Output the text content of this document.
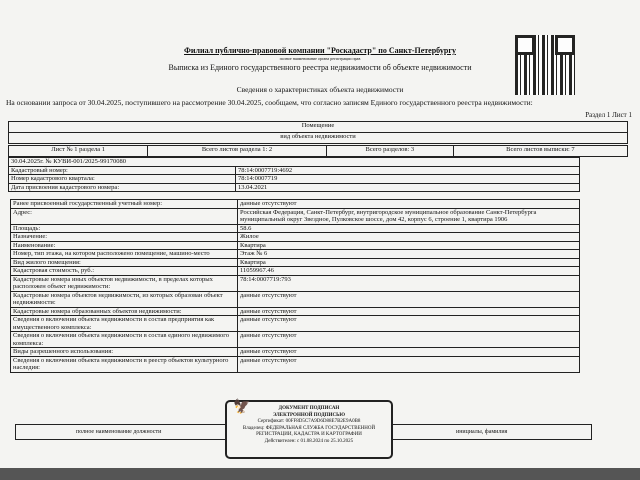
Филиал публично-правовой компании "Роскадастр" по Санкт-Петербургу
полное наименование органа регистрации прав
Выписка из Единого государственного реестра недвижимости об объекте недвижимости
Сведения о характеристиках объекта недвижимости
На основании запроса от 30.04.2025, поступившего на рассмотрение 30.04.2025, сообщаем, что согласно записям Единого государственного реестра недвижимости:
Раздел 1 Лист 1
Помещение
вид объекта недвижимости
Лист № 1 раздела 1	Всего листов раздела 1: 2	Всего разделов: 3	Всего листов выписки: 7
30.04.2025г. № КУВИ-001/2025-99170080	
Кадастровый номер:	78:14:0007719:4692
Номер кадастрового квартала:	78:14:0007719
Дата присвоения кадастрового номера:	13.04.2021
Ранее присвоенный государственный учетный номер:	данные отсутствуют
Адрес:	Российская Федерация, Санкт-Петербург, внутригородское муниципальное образование Санкт-Петербурга муниципальный округ Звездное, Пулковское шоссе, дом 42, корпус 6, строение 1, квартира 1906
Площадь:	58.6
Назначение:	Жилое
Наименование:	Квартира
Номер, тип этажа, на котором расположено помещение, машино-место	Этаж № 6
Вид жилого помещения:	Квартира
Кадастровая стоимость, руб.:	11059967.46
Кадастровые номера иных объектов недвижимости, в пределах которых расположен объект недвижимости:	78:14:0007719:793
Кадастровые номера объектов недвижимости, из которых образован объект недвижимости:	данные отсутствуют
Кадастровые номера образованных объектов недвижимости:	данные отсутствуют
Сведения о включении объекта недвижимости в состав предприятия как имущественного комплекса:	данные отсутствуют
Сведения о включении объекта недвижимости в состав единого недвижимого комплекса:	данные отсутствуют
Виды разрешенного использования:	данные отсутствуют
Сведения о включении объекта недвижимости в реестр объектов культурного наследия:	данные отсутствуют
полное наименование должности	инициалы, фамилия
🦅	ДОКУМЕНТ ПОДПИСАН
ЭЛЕКТРОННОЙ ПОДПИСЬЮ
Сертификат: 00FF8D5C7A9D6D88E7B2E9A0B8
Владелец: ФЕДЕРАЛЬНАЯ СЛУЖБА ГОСУДАРСТВЕННОЙ
РЕГИСТРАЦИИ, КАДАСТРА И КАРТОГРАФИИ
Действителен: с 01.08.2024 по 25.10.2025
